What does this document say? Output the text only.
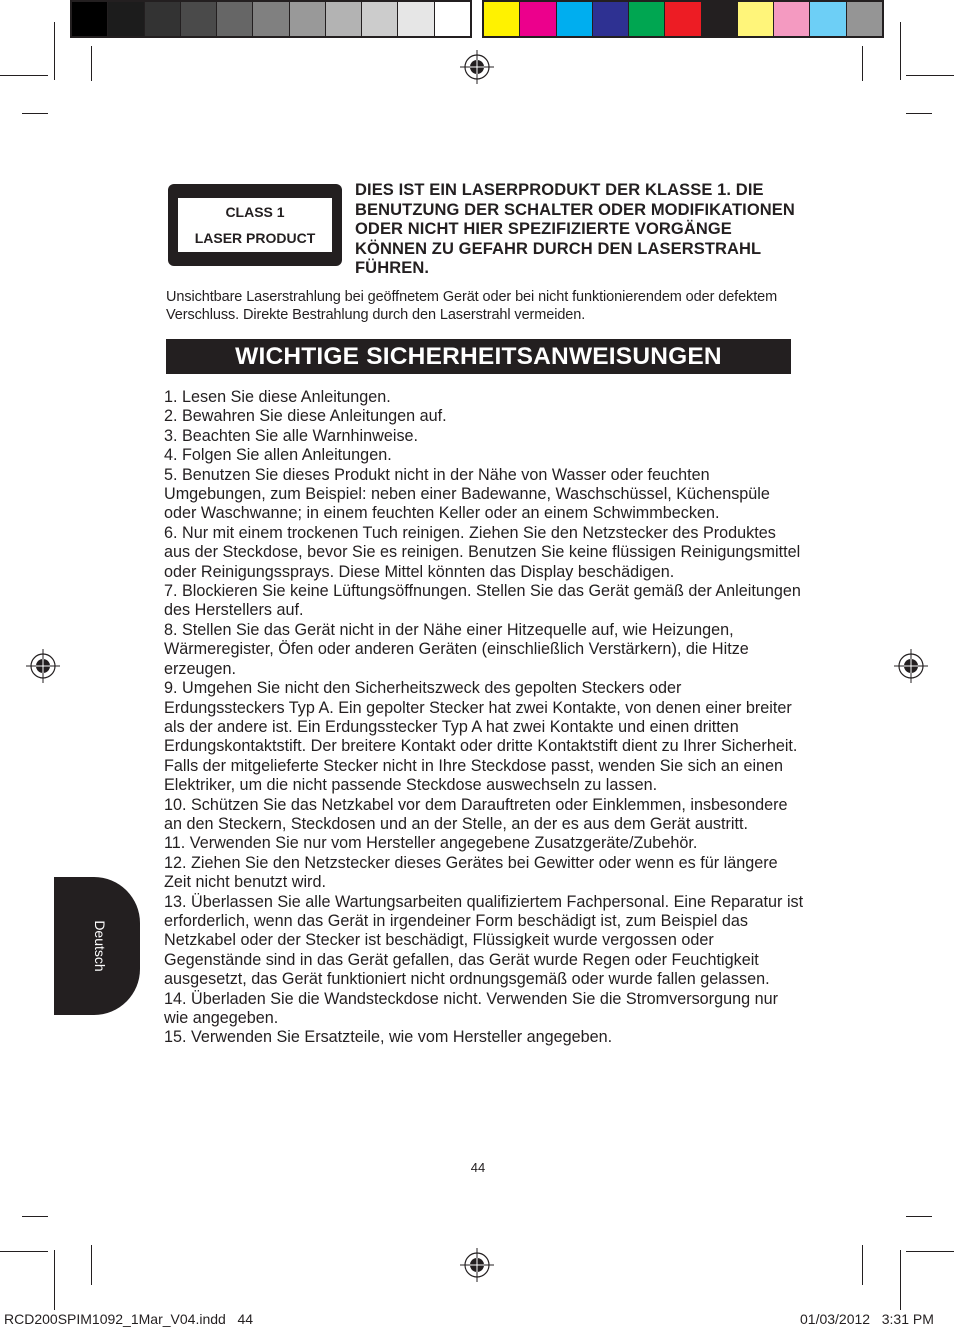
CLASS 1
LASER PRODUCT
DIES IST EIN LASERPRODUKT DER KLASSE 1. DIE BENUTZUNG DER SCHALTER ODER MODIFIKATIONEN ODER NICHT HIER SPEZIFIZIERTE VORGÄNGE KÖNNEN ZU GEFAHR DURCH DEN LASERSTRAHL FÜHREN.
Unsichtbare Laserstrahlung bei geöffnetem Gerät oder bei nicht funktionierendem oder defektem Verschluss. Direkte Bestrahlung durch den Laserstrahl vermeiden.
WICHTIGE SICHERHEITSANWEISUNGEN

1. Lesen Sie diese Anleitungen.

2. Bewahren Sie diese Anleitungen auf.

3. Beachten Sie alle Warnhinweise.

4. Folgen Sie allen Anleitungen.

5. Benutzen Sie dieses Produkt nicht in der Nähe von Wasser oder feuchten Umgebungen, zum Beispiel: neben einer Badewanne, Waschschüssel, Küchenspüle oder Waschwanne; in einem feuchten Keller oder an einem Schwimmbecken.

6. Nur mit einem trockenen Tuch reinigen. Ziehen Sie den Netzstecker des Produktes aus der Steckdose, bevor Sie es reinigen. Benutzen Sie keine flüssigen Reinigungsmittel oder Reinigungssprays. Diese Mittel könnten das Display beschädigen.

7. Blockieren Sie keine Lüftungsöffnungen. Stellen Sie das Gerät gemäß der Anleitungen des Herstellers auf.

8. Stellen Sie das Gerät nicht in der Nähe einer Hitzequelle auf, wie Heizungen, Wärmeregister, Öfen oder anderen Geräten (einschließlich Verstärkern), die Hitze erzeugen.

9. Umgehen Sie nicht den Sicherheitszweck des gepolten Steckers oder Erdungssteckers Typ A. Ein gepolter Stecker hat zwei Kontakte, von denen einer breiter als der andere ist. Ein Erdungsstecker Typ A hat zwei Kontakte und einen dritten Erdungskontaktstift. Der breitere Kontakt oder dritte Kontaktstift dient zu Ihrer Sicherheit. Falls der mitgelieferte Stecker nicht in Ihre Steckdose passt, wenden Sie sich an einen Elektriker, um die nicht passende Steckdose auswechseln zu lassen.

10. Schützen Sie das Netzkabel vor dem Darauftreten oder Einklemmen, insbesondere an den Steckern, Steckdosen und an der Stelle, an der es aus dem Gerät austritt.

11. Verwenden Sie nur vom Hersteller angegebene Zusatzgeräte/Zubehör.

12. Ziehen Sie den Netzstecker dieses Gerätes bei Gewitter oder wenn es für längere Zeit nicht benutzt wird.

13. Überlassen Sie alle Wartungsarbeiten qualifiziertem Fachpersonal. Eine Reparatur ist erforderlich, wenn das Gerät in irgendeiner Form beschädigt ist, zum Beispiel das Netzkabel oder der Stecker ist beschädigt, Flüssigkeit wurde vergossen oder Gegenstände sind in das Gerät gefallen, das Gerät wurde Regen oder Feuchtigkeit ausgesetzt, das Gerät funktioniert nicht ordnungsgemäß oder wurde fallen gelassen.

14. Überladen Sie die Wandsteckdose nicht. Verwenden Sie die Stromversorgung nur wie angegeben.

15. Verwenden Sie Ersatzteile, wie vom Hersteller angegeben.

44
Deutsch
RCD200SPIM1092_1Mar_V04.indd   44	01/03/2012   3:31 PM
